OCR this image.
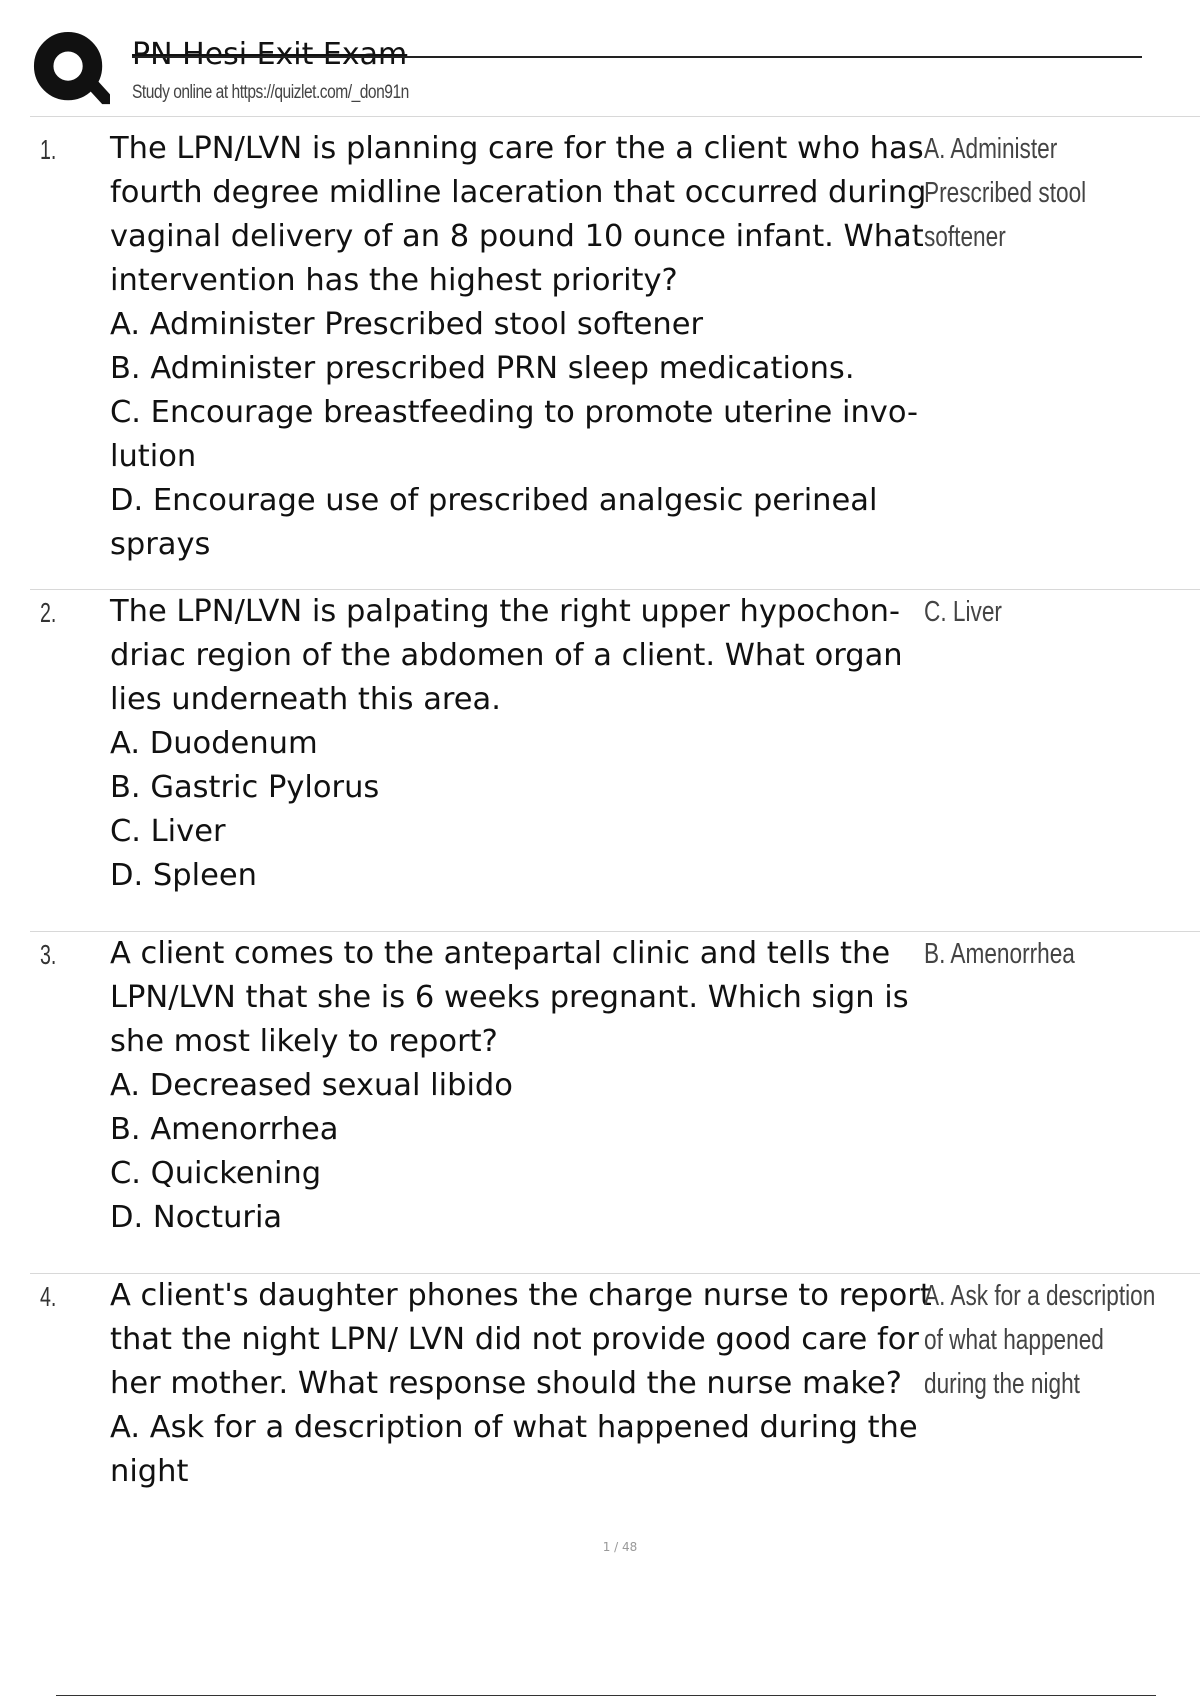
PN Hesi Exit Exam
Study online at https://quizlet.com/_don91n
1. The LPN/LVN is planning care for the a client who has fourth degree midline laceration that occurred during vaginal delivery of an 8 pound 10 ounce infant. What intervention has the highest priority?

A. Administer Prescribed stool softener

B. Administer prescribed PRN sleep medications.

C. Encourage breastfeeding to promote uterine invo- lution

D. Encourage use of prescribed analgesic perineal sprays

A. Administer Prescribed stool softener
2. The LPN/LVN is palpating the right upper hypochon- driac region of the abdomen of a client. What organ lies underneath this area.

A. Duodenum

B. Gastric Pylorus

C. Liver

D. Spleen

C. Liver
3. A client comes to the antepartal clinic and tells the LPN/LVN that she is 6 weeks pregnant. Which sign is she most likely to report?

A. Decreased sexual libido

B. Amenorrhea

C. Quickening

D. Nocturia

B. Amenorrhea
4. A client's daughter phones the charge nurse to report that the night LPN/ LVN did not provide good care for her mother. What response should the nurse make?

A. Ask for a description of what happened during the night

A. Ask for a description of what happened during the night
1 / 48
